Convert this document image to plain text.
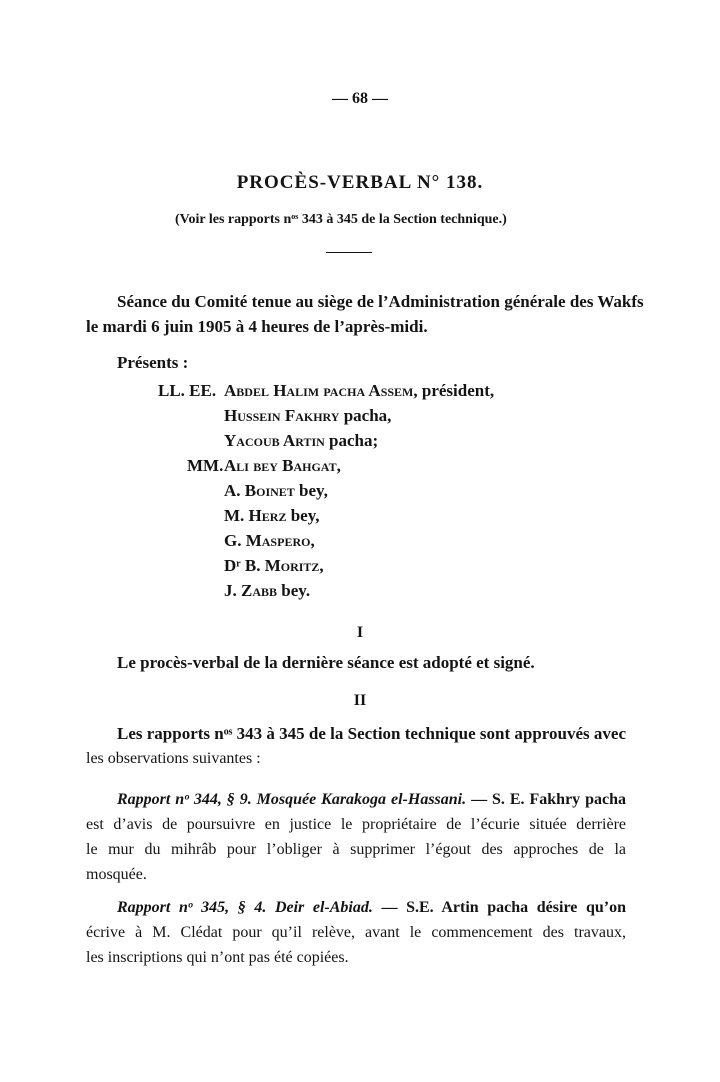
— 68 —
PROCÈS-VERBAL N° 138.
(Voir les rapports nᵒˢ 343 à 345 de la Section technique.)
Séance du Comité tenue au siège de l’Administration générale des Wakfs
le mardi 6 juin 1905 à 4 heures de l’après-midi.
Présents :
LL. EE. Abdel Halim pacha Assem, président,
Hussein Fakhry pacha,
Yacoub Artin pacha;
MM. Ali bey Bahgat,
A. Boinet bey,
M. Herz bey,
G. Maspero,
Dʳ B. Moritz,
J. Zabb bey.
I
Le procès-verbal de la dernière séance est adopté et signé.
II
Les rapports nᵒˢ 343 à 345 de la Section technique sont approuvés avec
les observations suivantes :
Rapport nᵒ 344, § 9. Mosquée Karakoga el-Hassani. — S. E. Fakhry pacha
est d’avis de poursuivre en justice le propriétaire de l’écurie située derrière
le mur du mihrâb pour l’obliger à supprimer l’égout des approches de la
mosquée.
Rapport nᵒ 345, § 4. Deir el-Abiad. — S.E. Artin pacha désire qu’on
écrive à M. Clédat pour qu’il relève, avant le commencement des travaux,
les inscriptions qui n’ont pas été copiées.
